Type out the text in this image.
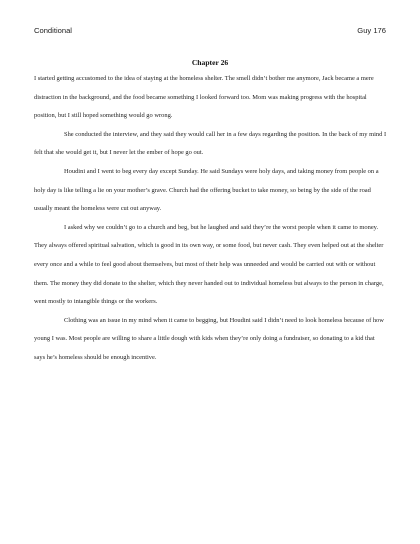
Conditional	Guy 176
Chapter 26

I started getting accustomed to the idea of staying at the homeless shelter. The smell didn’t bother me anymore, Jack became a mere distraction in the background, and the food became something I looked forward too. Mom was making progress with the hospital position, but I still hoped something would go wrong.

She conducted the interview, and they said they would call her in a few days regarding the position. In the back of my mind I felt that she would get it, but I never let the ember of hope go out.

Houdini and I went to beg every day except Sunday. He said Sundays were holy days, and taking money from people on a holy day is like telling a lie on your mother’s grave. Church had the offering bucket to take money, so being by the side of the road usually meant the homeless were cut out anyway.

I asked why we couldn’t go to a church and beg, but he laughed and said they’re the worst people when it came to money. They always offered spiritual salvation, which is good in its own way, or some food, but never cash. They even helped out at the shelter every once and a while to feel good about themselves, but most of their help was unneeded and would be carried out with or without them. The money they did donate to the shelter, which they never handed out to individual homeless but always to the person in charge, went mostly to intangible things or the workers.

Clothing was an issue in my mind when it came to begging, but Houdini said I didn’t need to look homeless because of how young I was. Most people are willing to share a little dough with kids when they’re only doing a fundraiser, so donating to a kid that says he’s homeless should be enough incentive.
